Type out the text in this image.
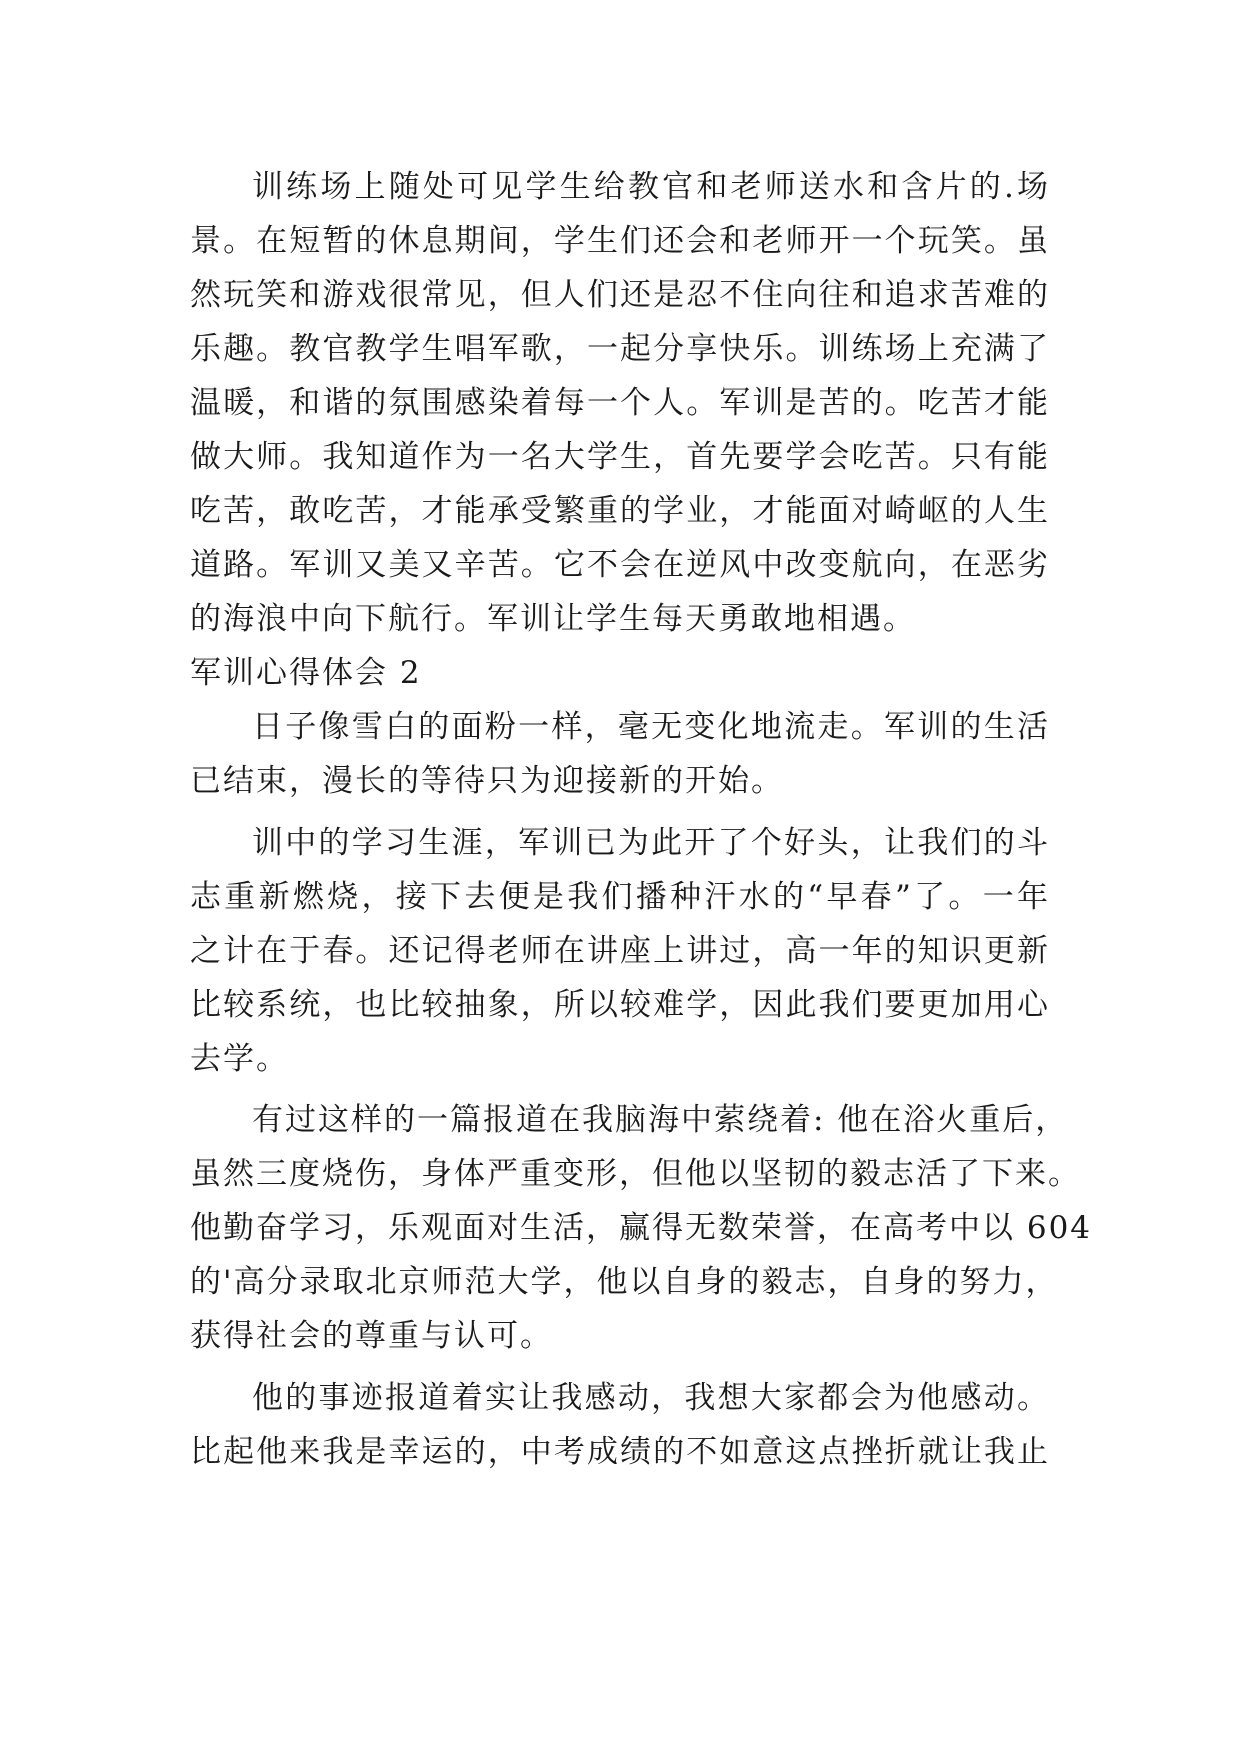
训练场上随处可见学生给教官和老师送水和含片的.场
景。在短暂的休息期间，学生们还会和老师开一个玩笑。虽
然玩笑和游戏很常见，但人们还是忍不住向往和追求苦难的
乐趣。教官教学生唱军歌，一起分享快乐。训练场上充满了
温暖，和谐的氛围感染着每一个人。军训是苦的。吃苦才能
做大师。我知道作为一名大学生，首先要学会吃苦。只有能
吃苦，敢吃苦，才能承受繁重的学业，才能面对崎岖的人生
道路。军训又美又辛苦。它不会在逆风中改变航向，在恶劣
的海浪中向下航行。军训让学生每天勇敢地相遇。
军训心得体会 2
日子像雪白的面粉一样，毫无变化地流走。军训的生活
已结束，漫长的等待只为迎接新的开始。
训中的学习生涯，军训已为此开了个好头，让我们的斗
志重新燃烧，接下去便是我们播种汗水的“早春”了。一年
之计在于春。还记得老师在讲座上讲过，高一年的知识更新
比较系统，也比较抽象，所以较难学，因此我们要更加用心
去学。
有过这样的一篇报道在我脑海中萦绕着: 他在浴火重后，
虽然三度烧伤，身体严重变形，但他以坚韧的毅志活了下来。
他勤奋学习，乐观面对生活，赢得无数荣誉，在高考中以 604
的'高分录取北京师范大学，他以自身的毅志，自身的努力，
获得社会的尊重与认可。
他的事迹报道着实让我感动，我想大家都会为他感动。
比起他来我是幸运的，中考成绩的不如意这点挫折就让我止
